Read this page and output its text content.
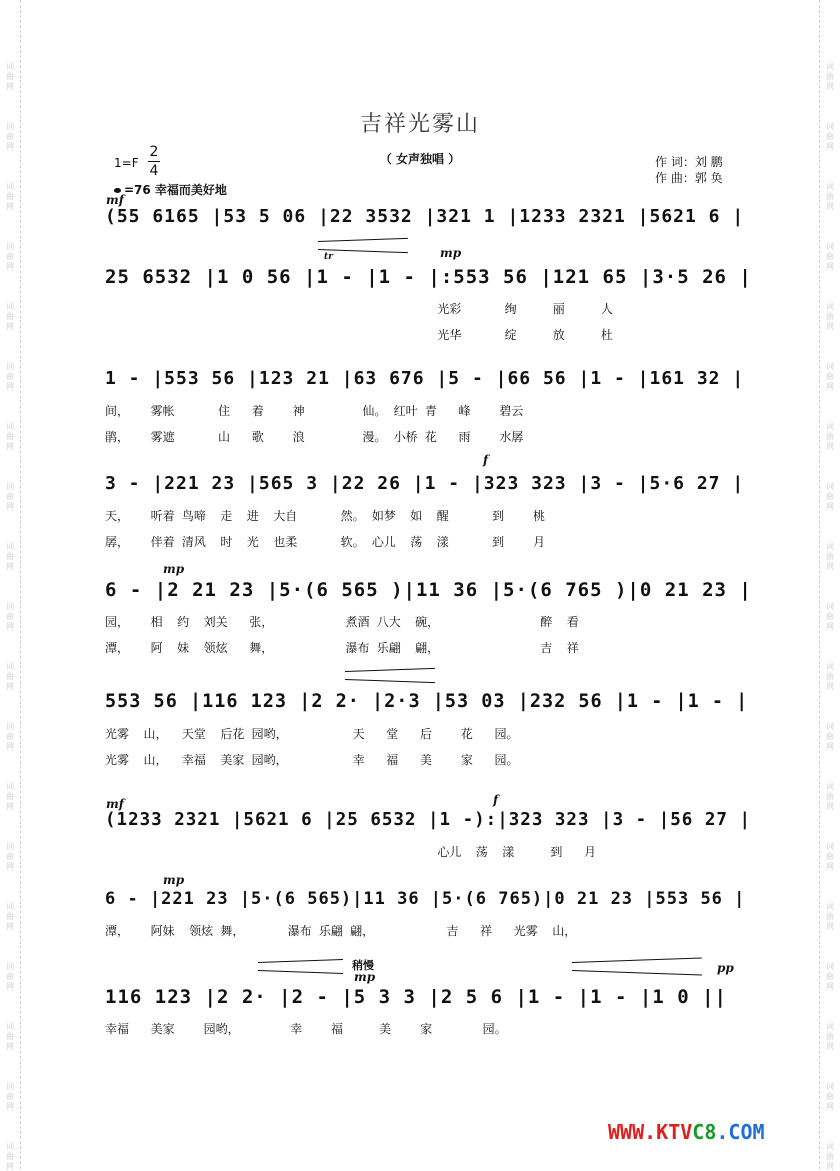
词
曲
网
词
曲
网
词
曲
网
词
曲
网
词
曲
网
词
曲
网
词
曲
网
词
曲
网
词
曲
网
词
曲
网
词
曲
网
词
曲
网
词
曲
网
词
曲
网
词
曲
网
词
曲
网
词
曲
网
词
曲
网
词
曲
网
词
曲
网
词
曲
网
词
曲
网
词
曲
网
词
曲
网
词
曲
网
词
曲
网
词
曲
网
词
曲
网
词
曲
网
词
曲
网
词
曲
网
词
曲
网
词
曲
网
词
曲
网
词
曲
网
词
曲
网
词
曲
网
词
曲
网
吉祥光雾山
（ 女声独唱 ）	作 词：刘 鹏
作 曲：郭 奂
1=F
2
4
=76 幸福而美好地
mf
mp
f
mp
mf	f
mp
mp
pp
稍慢
tr
(55 6165 |53 5 06 |22 3532 |321 1 |1233 2321 |5621 6 |
25 6532 |1 0 56 |1 - |1 - |:553 56 |121 65 |3·5 26 |
光彩      绚     丽     人
光华      绽     放     杜
1 - |553 56 |123 21 |63 676 |5 - |66 56 |1 - |161 32 |
间，   雾帐      住   着    神        仙。 红叶 青   峰    碧云
鹃，   雾遮      山   歌    浪        漫。 小桥 花   雨    水孱
3 - |221 23 |565 3 |22 26 |1 - |323 323 |3 - |5·6 27 |
天，   听着 鸟啼  走  进  大自      然。 如梦  如  醒      到    桃
孱，   伴着 清风  时  光  也柔      软。 心儿  荡  漾      到    月
6 - |2 21 23 |5·(6 565 )|11 36 |5·(6 765 )|0 21 23 |
园，   相  约  刘关   张，          煮酒 八大  碗，              醉  看
潭，   阿  妹  领炫   舞，          瀑布 乐翩  翩，              吉  祥
553 56 |116 123 |2 2· |2·3 |53 03 |232 56 |1 - |1 - |
光雾  山，  天堂  后花 园哟，         天   堂   后    花   园。
光雾  山，  幸福  美家 园哟，         幸   福   美    家   园。
(1233 2321 |5621 6 |25 6532 |1 -):|323 323 |3 - |56 27 |
心儿  荡  漾     到   月
6 - |221 23 |5·(6 565)|11 36 |5·(6 765)|0 21 23 |553 56 |
潭，   阿妹  领炫 舞，      瀑布 乐翩 翩，          吉   祥   光雾  山，
116 123 |2 2· |2 - |5 3 3 |2 5 6 |1 - |1 - |1 0 ||
幸福   美家    园哟，       幸    福     美    家       园。
WWW.KTVC8.COM
